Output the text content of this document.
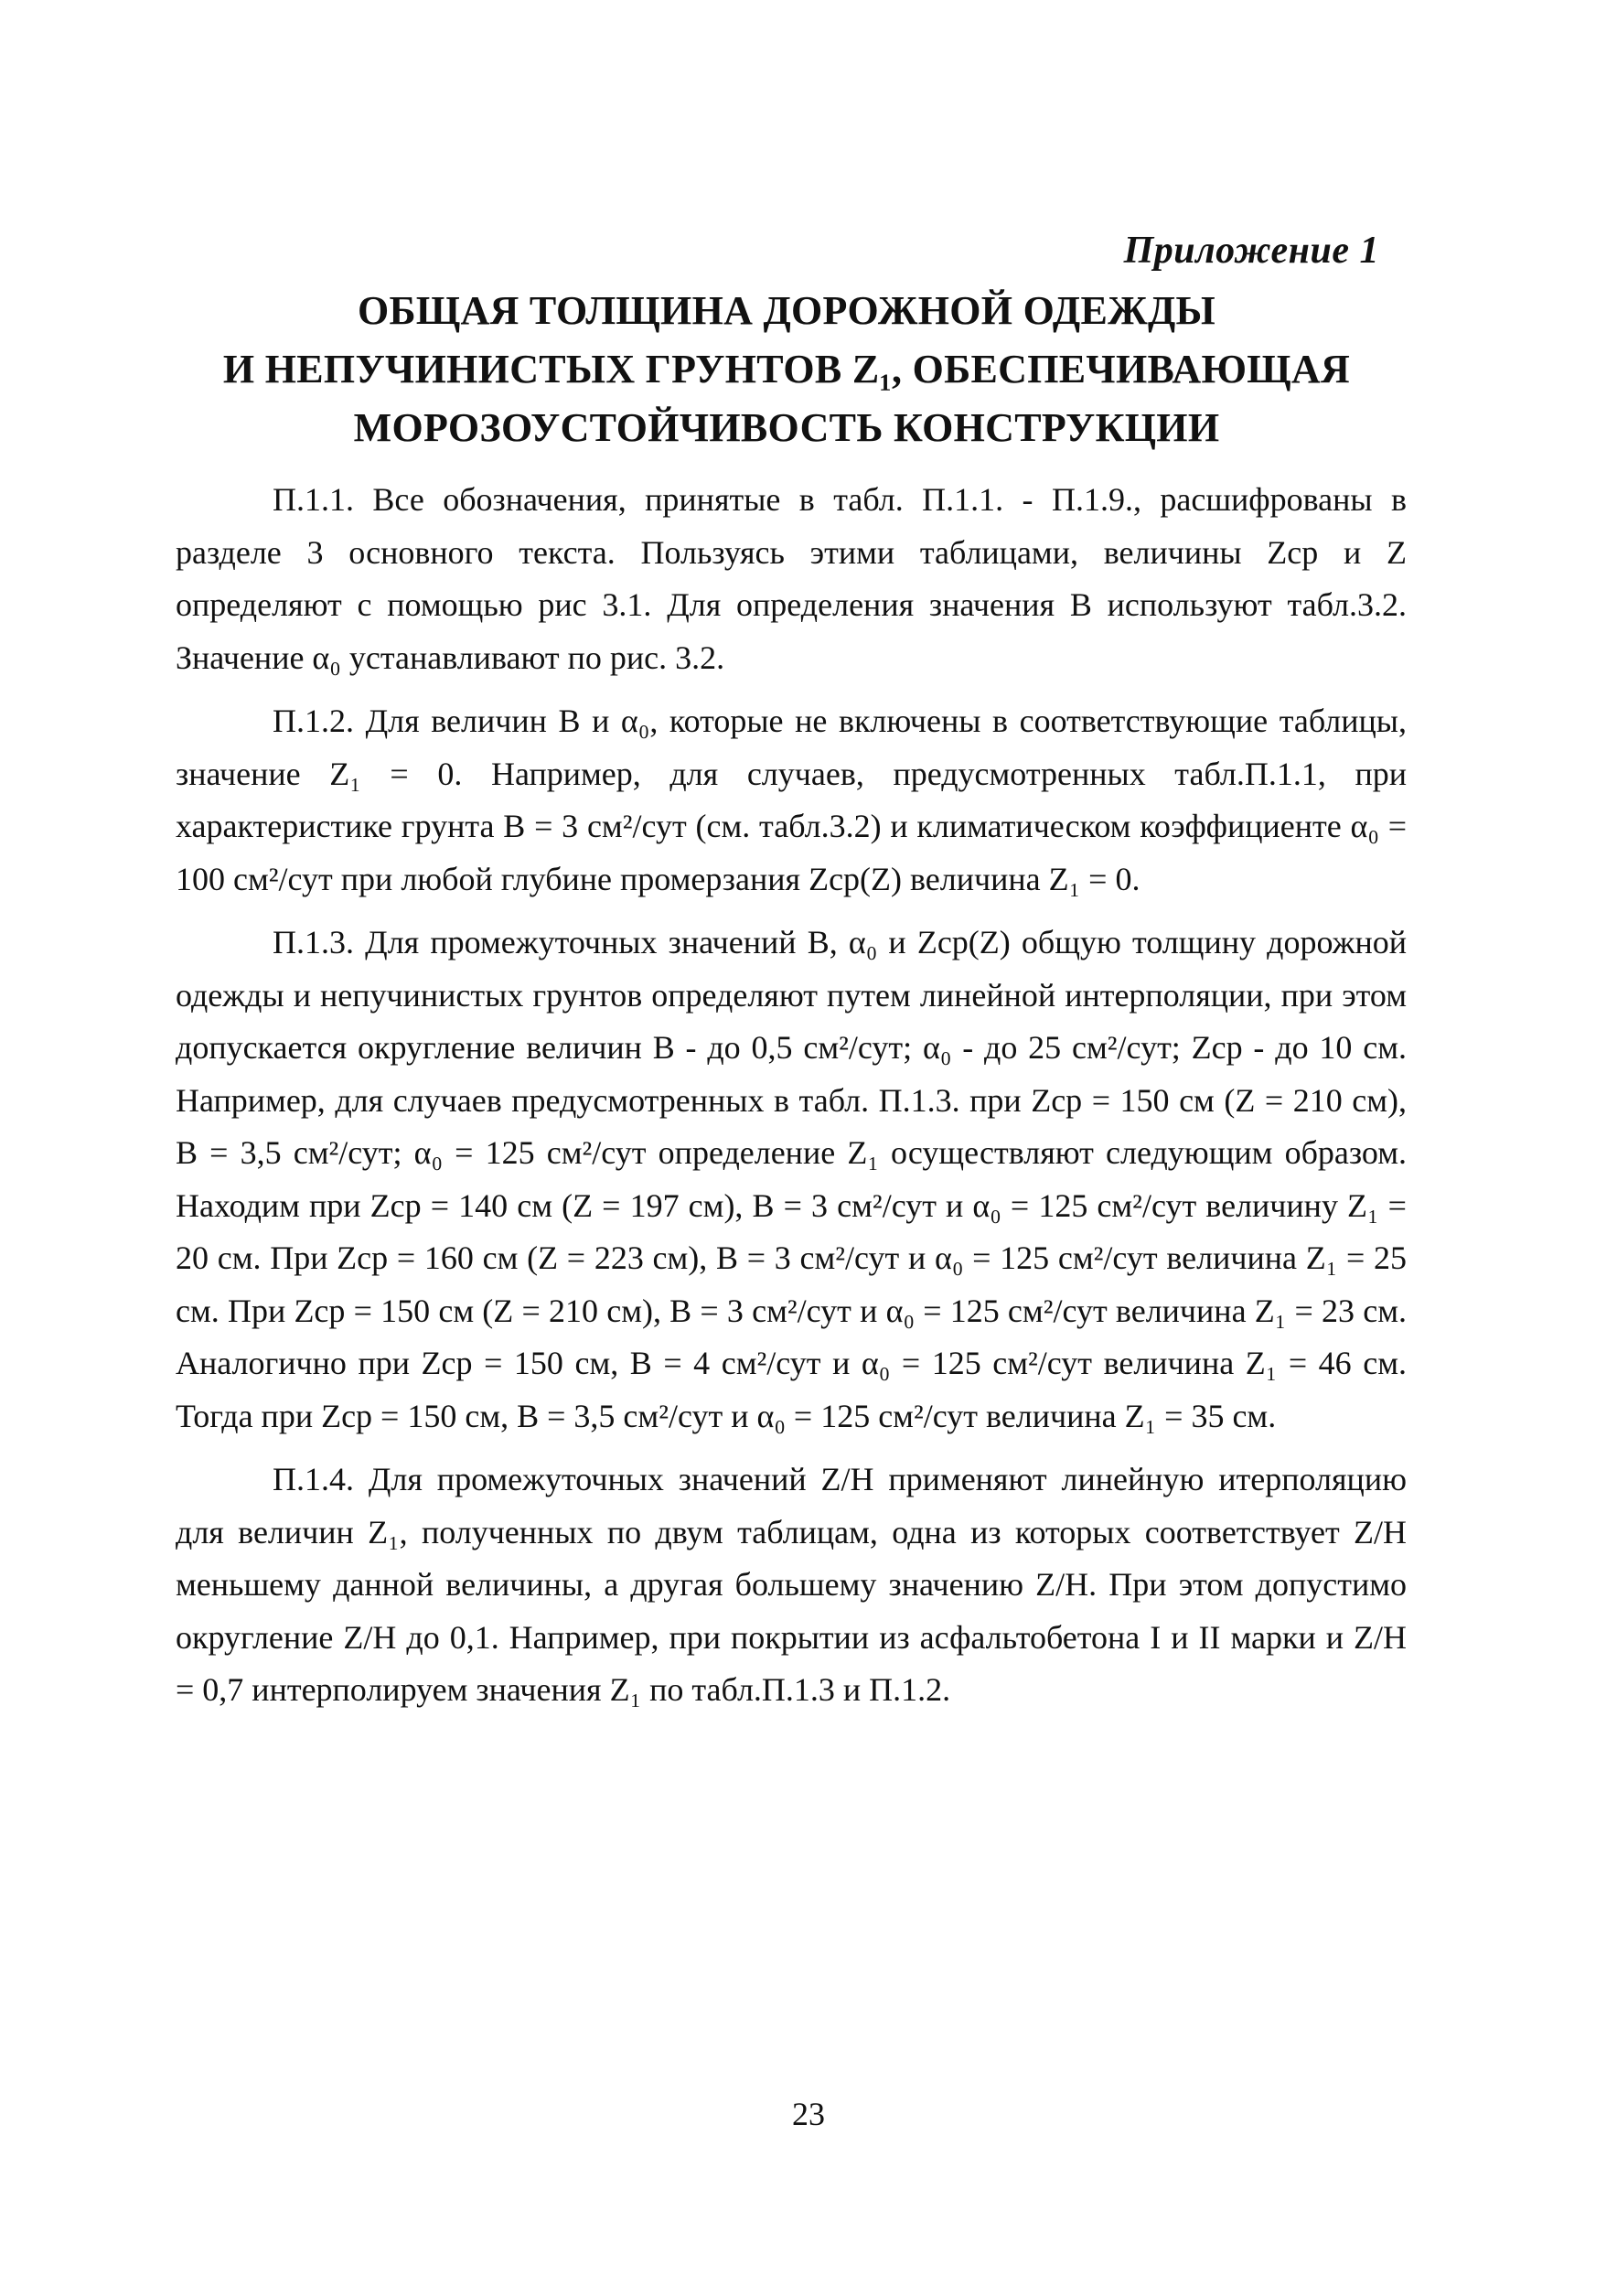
Приложение 1
ОБЩАЯ ТОЛЩИНА ДОРОЖНОЙ ОДЕЖДЫ
И НЕПУЧИНИСТЫХ ГРУНТОВ Z₁, ОБЕСПЕЧИВАЮЩАЯ
МОРОЗОУСТОЙЧИВОСТЬ КОНСТРУКЦИИ

П.1.1. Все обозначения, принятые в табл. П.1.1. - П.1.9., расшифрованы в разделе 3 основного текста. Пользуясь этими таблицами, величины Zср и Z определяют с помощью рис 3.1. Для определения значения B используют табл.3.2. Значение α₀ устанавливают по рис. 3.2.

П.1.2. Для величин B и α₀, которые не включены в соответствующие таблицы, значение Z₁ = 0. Например, для случаев, предусмотренных табл.П.1.1, при характеристике грунта B = 3 см²/сут (см. табл.3.2) и климатическом коэффициенте α₀ = 100 см²/сут при любой глубине промерзания Zср(Z) величина Z₁ = 0.

П.1.3. Для промежуточных значений B, α₀ и Zср(Z) общую толщину дорожной одежды и непучинистых грунтов определяют путем линейной интерполяции, при этом допускается округление величин B - до 0,5 см²/сут; α₀ - до 25 см²/сут; Zср - до 10 см. Например, для случаев предусмотренных в табл. П.1.3. при Zср = 150 см (Z = 210 см), B = 3,5 см²/сут; α₀ = 125 см²/сут определение Z₁ осуществляют следующим образом. Находим при Zср = 140 см (Z = 197 см), B = 3 см²/сут и α₀ = 125 см²/сут величину Z₁ = 20 см. При Zср = 160 см (Z = 223 см), B = 3 см²/сут и α₀ = 125 см²/сут величина Z₁ = 25 см. При Zср = 150 см (Z = 210 см), B = 3 см²/сут и α₀ = 125 см²/сут величина Z₁ = 23 см. Аналогично при Zср = 150 см, B = 4 см²/сут и α₀ = 125 см²/сут величина Z₁ = 46 см. Тогда при Zср = 150 см, B = 3,5 см²/сут и α₀ = 125 см²/сут величина Z₁ = 35 см.

П.1.4. Для промежуточных значений Z/H применяют линейную итерполяцию для величин Z₁, полученных по двум таблицам, одна из которых соответствует Z/H меньшему данной величины, а другая большему значению Z/H. При этом допустимо округление Z/H до 0,1. Например, при покрытии из асфальтобетона I и II марки и Z/H = 0,7 интерполируем значения Z₁ по табл.П.1.3 и П.1.2.

23
